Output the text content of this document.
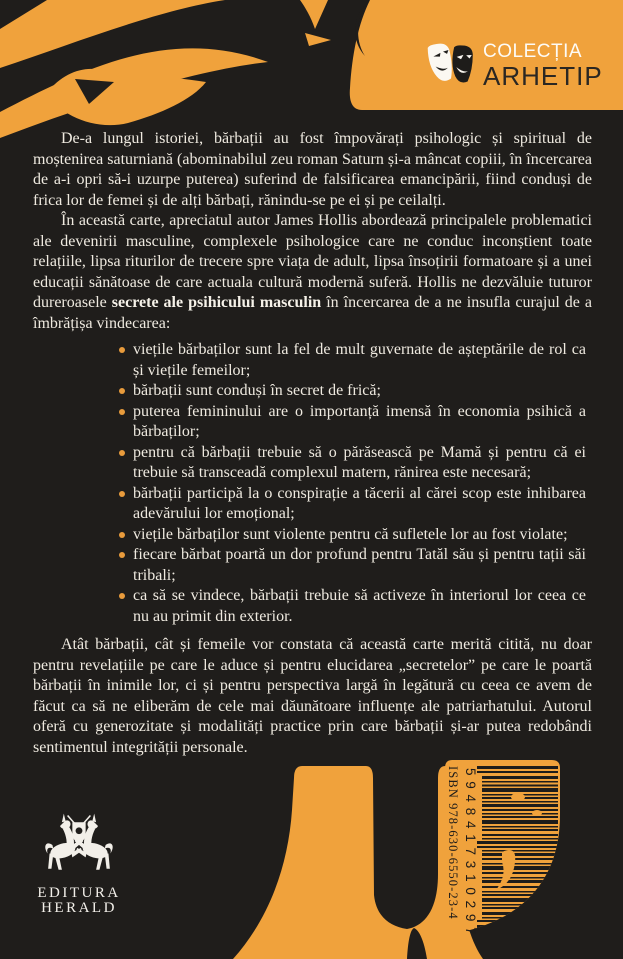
COLECȚIA
ARHETIP

De-a lungul istoriei, bărbații au fost împovărați psihologic și spiritual de moștenirea saturniană (abominabilul zeu roman Saturn și-a mâncat copiii, în încercarea de a-i opri să-i uzurpe puterea) suferind de falsificarea emancipării, fiind conduși de frica lor de femei și de alți bărbați, rănindu-se pe ei și pe ceilalți.

În această carte, apreciatul autor James Hollis abordează principalele problematici ale devenirii masculine, complexele psihologice care ne conduc inconștient toate relațiile, lipsa riturilor de trecere spre viața de adult, lipsa însoțirii formatoare și a unei educații sănătoase de care actuala cultură modernă suferă. Hollis ne dezvăluie tuturor dureroasele secrete ale psihicului masculin în încercarea de a ne insufla curajul de a îmbrățișa vindecarea:

viețile bărbaților sunt la fel de mult guvernate de așteptările de rol ca și viețile femeilor;
bărbații sunt conduși în secret de frică;
puterea femininului are o importanță imensă în economia psihică a bărbaților;
pentru că bărbații trebuie să o părăsească pe Mamă și pentru că ei trebuie să transceadă complexul matern, rănirea este necesară;
bărbații participă la o conspirație a tăcerii al cărei scop este inhibarea adevărului lor emoțional;
viețile bărbaților sunt violente pentru că sufletele lor au fost violate;
fiecare bărbat poartă un dor profund pentru Tatăl său și pentru tații săi tribali;
ca să se vindece, bărbații trebuie să activeze în interiorul lor ceea ce nu au primit din exterior.

Atât bărbații, cât și femeile vor constata că această carte merită citită, nu doar pentru revelațiile pe care le aduce și pentru elucidarea „secretelor” pe care le poartă bărbații în inimile lor, ci și pentru perspectiva largă în legătură cu ceea ce avem de făcut ca să ne eliberăm de cele mai dăunătoare influențe ale patriarhatului. Autorul oferă cu generozitate și modalități practice prin care bărbații și-ar putea redobândi sentimentul integrității personale.

EDITURA
HERALD	5 9 4 8 4 1 7 3 1 0 2 9 7
ISBN 978-630-6550-23-4
